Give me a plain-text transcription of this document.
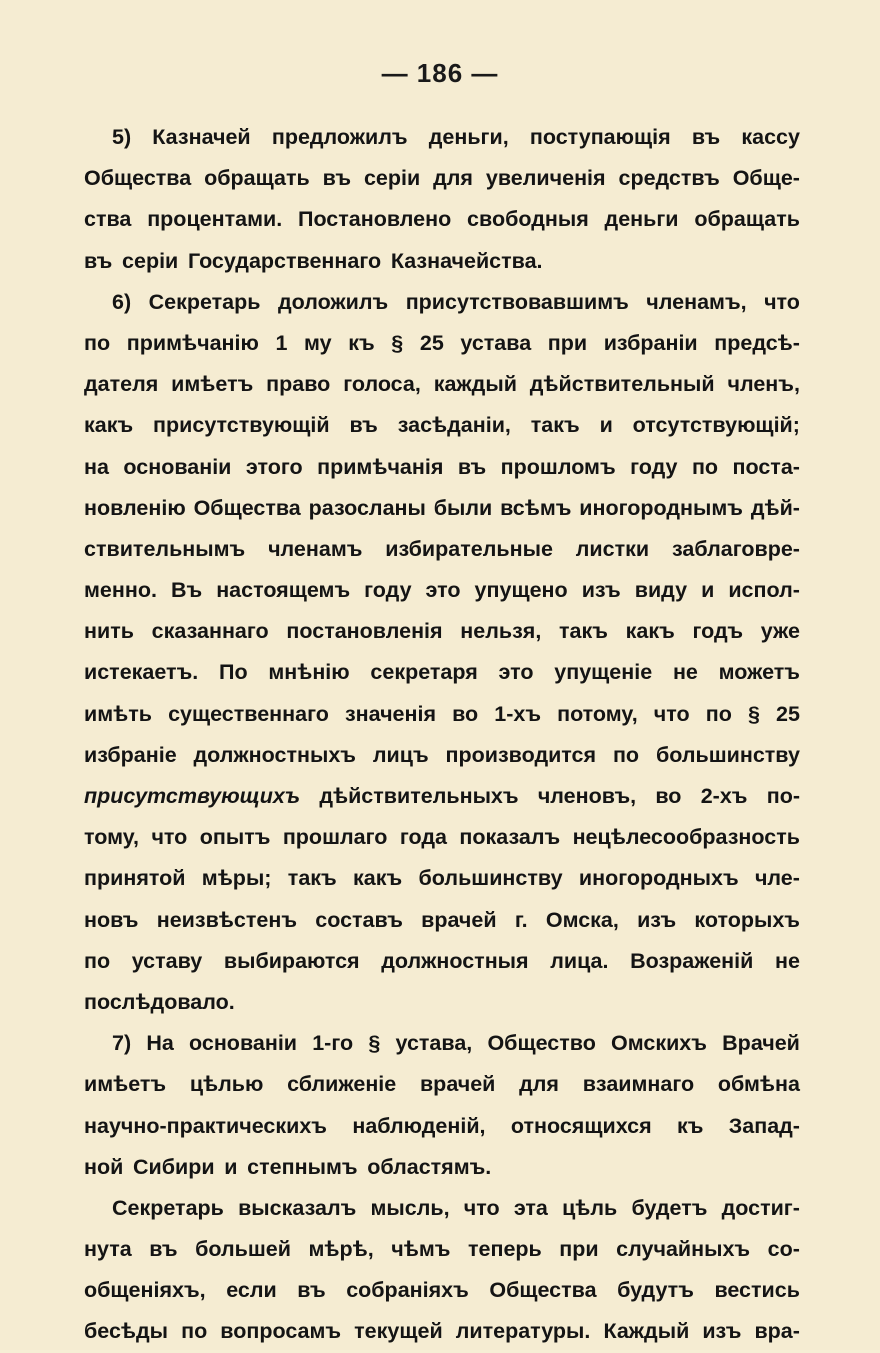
— 186 —
5) Казначей предложилъ деньги, поступающія въ кассу
Общества обращать въ серіи для увеличенія средствъ Обще-
ства процентами. Постановлено свободныя деньги обращать
въ серіи Государственнаго Казначейства.
6) Секретарь доложилъ присутствовавшимъ членамъ, что
по примѣчанію 1 му къ § 25 устава при избраніи предсѣ-
дателя имѣетъ право голоса, каждый дѣйствительный членъ,
какъ присутствующій въ засѣданіи, такъ и отсутствующій;
на основаніи этого примѣчанія въ прошломъ году по поста-
новленію Общества разосланы были всѣмъ иногороднымъ дѣй-
ствительнымъ членамъ избирательные листки заблаговре-
менно. Въ настоящемъ году это упущено изъ виду и испол-
нить сказаннаго постановленія нельзя, такъ какъ годъ уже
истекаетъ. По мнѣнію секретаря это упущеніе не можетъ
имѣть существеннаго значенія во 1-хъ потому, что по § 25
избраніе должностныхъ лицъ производится по большинству
присутствующихъ дѣйствительныхъ членовъ, во 2-хъ по-
тому, что опытъ прошлаго года показалъ нецѣлесообразность
принятой мѣры; такъ какъ большинству иногородныхъ чле-
новъ неизвѣстенъ составъ врачей г. Омска, изъ которыхъ
по уставу выбираются должностныя лица. Возраженій не
послѣдовало.
7) На основаніи 1-го § устава, Общество Омскихъ Врачей
имѣетъ цѣлью сближеніе врачей для взаимнаго обмѣна
научно-практическихъ наблюденій, относящихся къ Запад-
ной Сибири и степнымъ областямъ.
Секретарь высказалъ мысль, что эта цѣль будетъ достиг-
нута въ большей мѣрѣ, чѣмъ теперь при случайныхъ со-
общеніяхъ, если въ собраніяхъ Общества будутъ вестись
бесѣды по вопросамъ текущей литературы. Каждый изъ вра-
